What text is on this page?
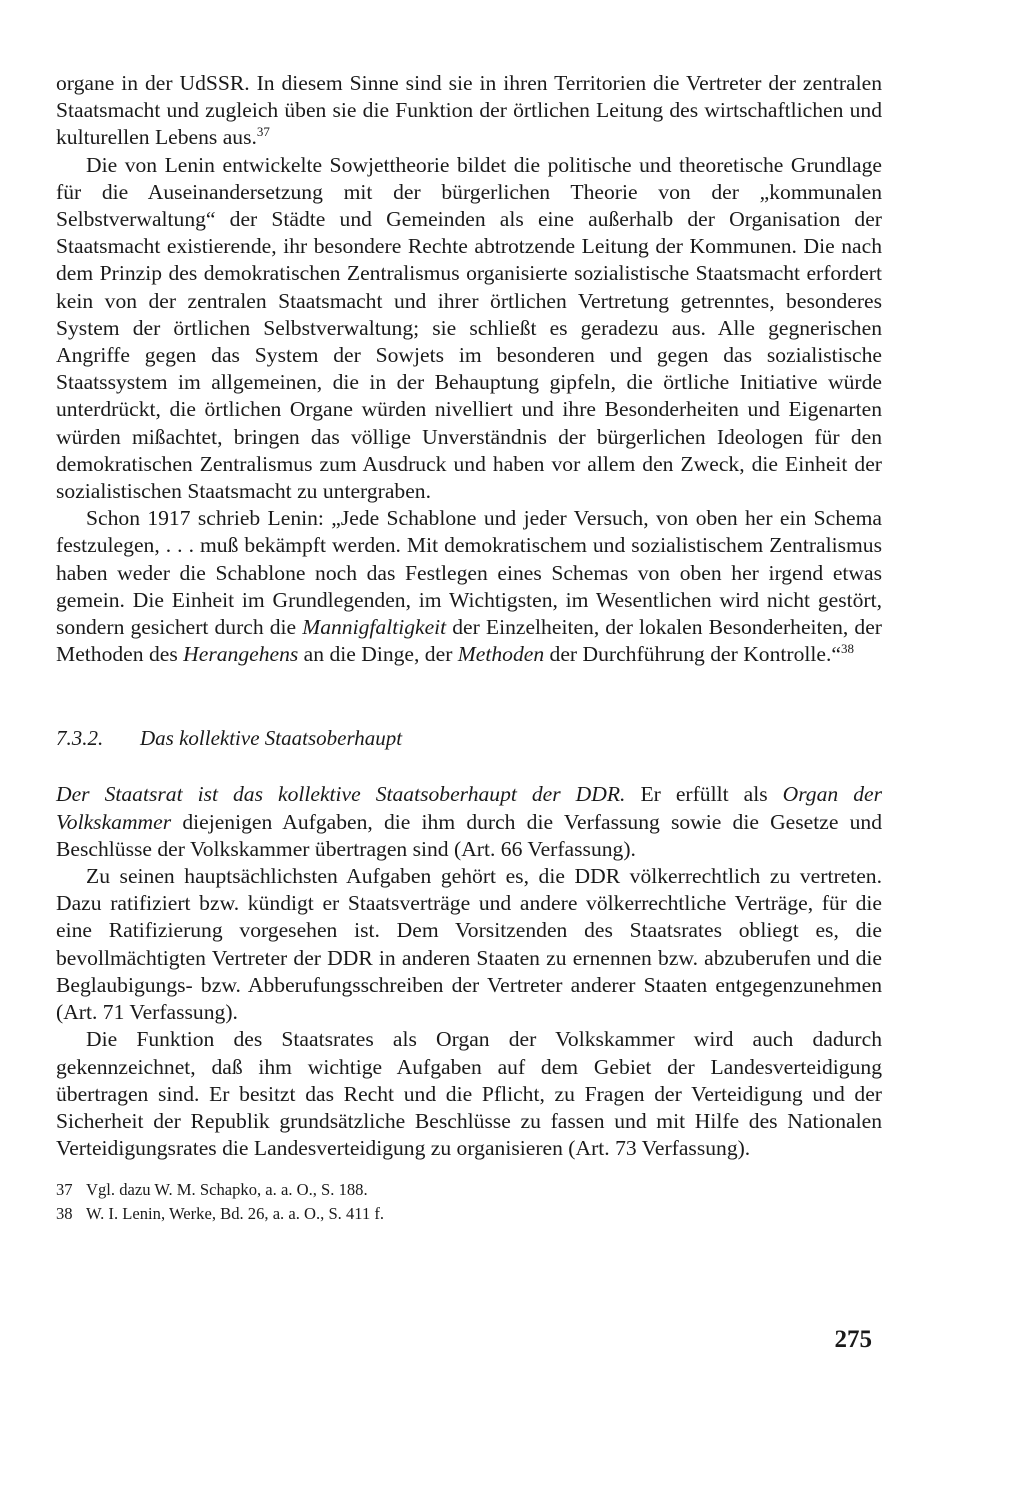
organe in der UdSSR. In diesem Sinne sind sie in ihren Territorien die Vertreter der zentralen Staatsmacht und zugleich üben sie die Funktion der örtlichen Leitung des wirtschaftlichen und kulturellen Lebens aus.$^{37}$

Die von Lenin entwickelte Sowjettheorie bildet die politische und theoretische Grundlage für die Auseinandersetzung mit der bürgerlichen Theorie von der „kommunalen Selbstverwaltung“ der Städte und Gemeinden als eine außerhalb der Organisation der Staatsmacht existierende, ihr besondere Rechte abtrotzende Leitung der Kommunen. Die nach dem Prinzip des demokratischen Zentralismus organisierte sozialistische Staatsmacht erfordert kein von der zentralen Staatsmacht und ihrer örtlichen Vertretung getrenntes, besonderes System der örtlichen Selbstverwaltung; sie schließt es geradezu aus. Alle gegnerischen Angriffe gegen das System der Sowjets im besonderen und gegen das sozialistische Staatssystem im allgemeinen, die in der Behauptung gipfeln, die örtliche Initiative würde unterdrückt, die örtlichen Organe würden nivelliert und ihre Besonderheiten und Eigenarten würden mißachtet, bringen das völlige Unverständnis der bürgerlichen Ideologen für den demokratischen Zentralismus zum Ausdruck und haben vor allem den Zweck, die Einheit der sozialistischen Staatsmacht zu untergraben.

Schon 1917 schrieb Lenin: „Jede Schablone und jeder Versuch, von oben her ein Schema festzulegen, . . . muß bekämpft werden. Mit demokratischem und sozialistischem Zentralismus haben weder die Schablone noch das Festlegen eines Schemas von oben her irgend etwas gemein. Die Einheit im Grundlegenden, im Wichtigsten, im Wesentlichen wird nicht gestört, sondern gesichert durch die Mannigfaltigkeit der Einzelheiten, der lokalen Besonderheiten, der Methoden des Herangehens an die Dinge, der Methoden der Durchführung der Kontrolle.“$^{38}$

7.3.2.	Das kollektive Staatsoberhaupt

Der Staatsrat ist das kollektive Staatsoberhaupt der DDR. Er erfüllt als Organ der Volkskammer diejenigen Aufgaben, die ihm durch die Verfassung sowie die Gesetze und Beschlüsse der Volkskammer übertragen sind (Art. 66 Verfassung).

Zu seinen hauptsächlichsten Aufgaben gehört es, die DDR völkerrechtlich zu vertreten. Dazu ratifiziert bzw. kündigt er Staatsverträge und andere völkerrechtliche Verträge, für die eine Ratifizierung vorgesehen ist. Dem Vorsitzenden des Staatsrates obliegt es, die bevollmächtigten Vertreter der DDR in anderen Staaten zu ernennen bzw. abzuberufen und die Beglaubigungs- bzw. Abberufungsschreiben der Vertreter anderer Staaten entgegenzunehmen (Art. 71 Verfassung).

Die Funktion des Staatsrates als Organ der Volkskammer wird auch dadurch gekennzeichnet, daß ihm wichtige Aufgaben auf dem Gebiet der Landesverteidigung übertragen sind. Er besitzt das Recht und die Pflicht, zu Fragen der Verteidigung und der Sicherheit der Republik grundsätzliche Beschlüsse zu fassen und mit Hilfe des Nationalen Verteidigungsrates die Landesverteidigung zu organisieren (Art. 73 Verfassung).

37 Vgl. dazu W. M. Schapko, a. a. O., S. 188.
38 W. I. Lenin, Werke, Bd. 26, a. a. O., S. 411 f.
275
